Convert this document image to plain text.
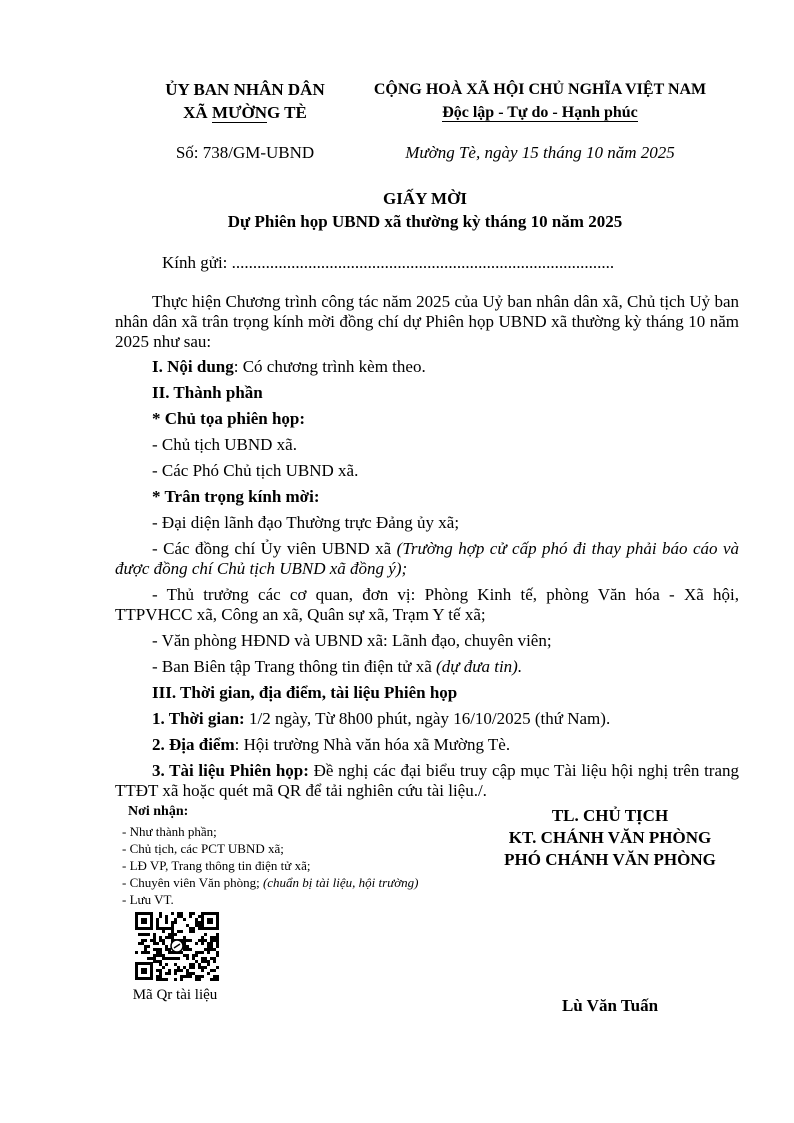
ỦY BAN NHÂN DÂN
XÃ MƯỜNG TÈ
CỘNG HOÀ XÃ HỘI CHỦ NGHĨA VIỆT NAM
Độc lập - Tự do - Hạnh phúc
Số: 738/GM-UBND	Mường Tè, ngày 15 tháng 10 năm 2025
GIẤY MỜI
Dự Phiên họp UBND xã thường kỳ tháng 10 năm 2025
Kính gửi: ..........................................................................................

Thực hiện Chương trình công tác năm 2025 của Uỷ ban nhân dân xã, Chủ tịch Uỷ ban nhân dân xã trân trọng kính mời đồng chí dự Phiên họp UBND xã thường kỳ tháng 10 năm 2025 như sau:

I. Nội dung: Có chương trình kèm theo.

II. Thành phần

* Chủ tọa phiên họp:

- Chủ tịch UBND xã.

- Các Phó Chủ tịch UBND xã.

* Trân trọng kính mời:

- Đại diện lãnh đạo Thường trực Đảng ủy xã;

- Các đồng chí Ủy viên UBND xã (Trường hợp cử cấp phó đi thay phải báo cáo và được đồng chí Chủ tịch UBND xã đồng ý);

- Thủ trưởng các cơ quan, đơn vị: Phòng Kinh tế, phòng Văn hóa - Xã hội, TTPVHCC xã, Công an xã, Quân sự xã, Trạm Y tế xã;

- Văn phòng HĐND và UBND xã: Lãnh đạo, chuyên viên;

- Ban Biên tập Trang thông tin điện tử xã (dự đưa tin).

III. Thời gian, địa điểm, tài liệu Phiên họp

1. Thời gian: 1/2 ngày, Từ 8h00 phút, ngày 16/10/2025 (thứ Nam).

2. Địa điểm: Hội trường Nhà văn hóa xã Mường Tè.

3. Tài liệu Phiên họp: Đề nghị các đại biểu truy cập mục Tài liệu hội nghị trên trang TTĐT xã hoặc quét mã QR để tải nghiên cứu tài liệu./.

Nơi nhận:
- Như thành phần;
- Chủ tịch, các PCT UBND xã;
- LĐ VP, Trang thông tin điện tử xã;
- Chuyên viên Văn phòng; (chuẩn bị tài liệu, hội trường)
- Lưu VT.
TL. CHỦ TỊCH
KT. CHÁNH VĂN PHÒNG
PHÓ CHÁNH VĂN PHÒNG
Lù Văn Tuấn
Mã Qr tài liệu
